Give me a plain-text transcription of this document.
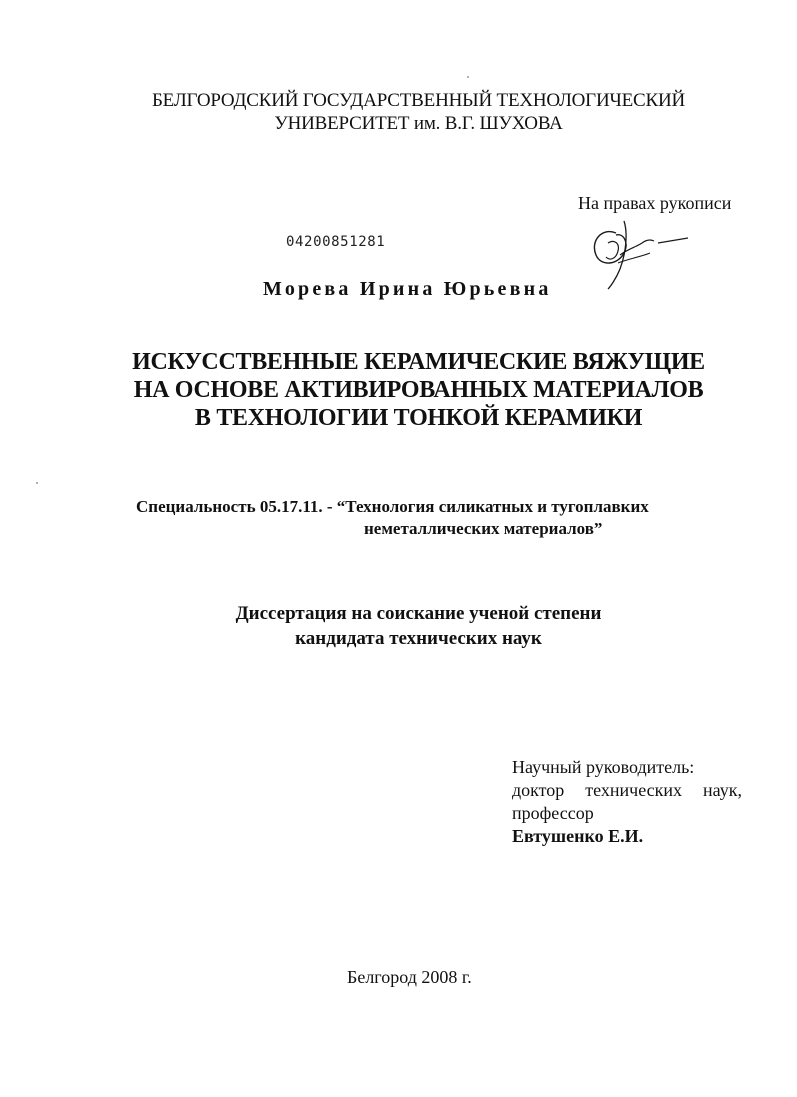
БЕЛГОРОДСКИЙ ГОСУДАРСТВЕННЫЙ ТЕХНОЛОГИЧЕСКИЙ
УНИВЕРСИТЕТ им. В.Г. ШУХОВА

На правах рукописи

04200851281

Морева Ирина Юрьевна

ИСКУССТВЕННЫЕ КЕРАМИЧЕСКИЕ ВЯЖУЩИЕ
НА ОСНОВЕ АКТИВИРОВАННЫХ МАТЕРИАЛОВ
В ТЕХНОЛОГИИ ТОНКОЙ КЕРАМИКИ

Специальность 05.17.11. - “Технология силикатных и тугоплавких

неметаллических материалов”

Диссертация на соискание ученой степени
кандидата технических наук

Научный руководитель:
доктор технических наук,
профессор
Евтушенко Е.И.

Белгород 2008 г.
